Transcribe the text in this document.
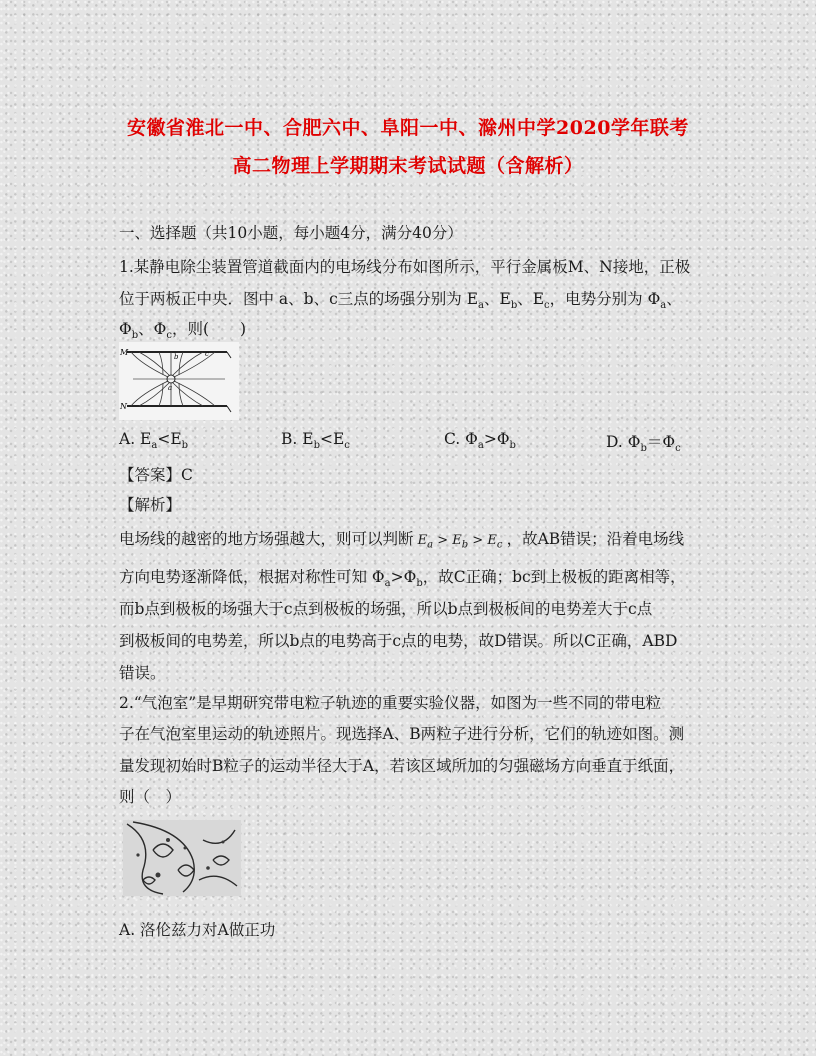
安徽省淮北一中、合肥六中、阜阳一中、滁州中学2020学年联考
高二物理上学期期末考试试题（含解析）
一、选择题（共10小题，每小题4分，满分40分）
1.某静电除尘装置管道截面内的电场线分布如图所示，平行金属板M、N接地，正极
位于两板正中央．图中 a、b、c三点的场强分别为 $E_a$、$E_b$、$E_c$，电势分别为 $\Phi_a$、
$\Phi_b$、$\Phi_c$，则(　　)
M
N
b	c
a
A. $E_a<E_b$	B. $E_b<E_c$	C. $\Phi_a>\Phi_b$	D. $\Phi_b=\Phi_c$
【答案】C
【解析】
电场线的越密的地方场强越大，则可以判断 $E_a > E_b > E_c$ ，故AB错误；沿着电场线
方向电势逐渐降低，根据对称性可知 $\Phi_a>\Phi_b$，故C正确；bc到上极板的距离相等，
而b点到极板的场强大于c点到极板的场强，所以b点到极板间的电势差大于c点
到极板间的电势差，所以b点的电势高于c点的电势，故D错误。所以C正确，ABD
错误。
2.“气泡室”是早期研究带电粒子轨迹的重要实验仪器，如图为一些不同的带电粒
子在气泡室里运动的轨迹照片。现选择A、B两粒子进行分析，它们的轨迹如图。测
量发现初始时B粒子的运动半径大于A，若该区域所加的匀强磁场方向垂直于纸面，
则（　）
A. 洛伦兹力对A做正功
